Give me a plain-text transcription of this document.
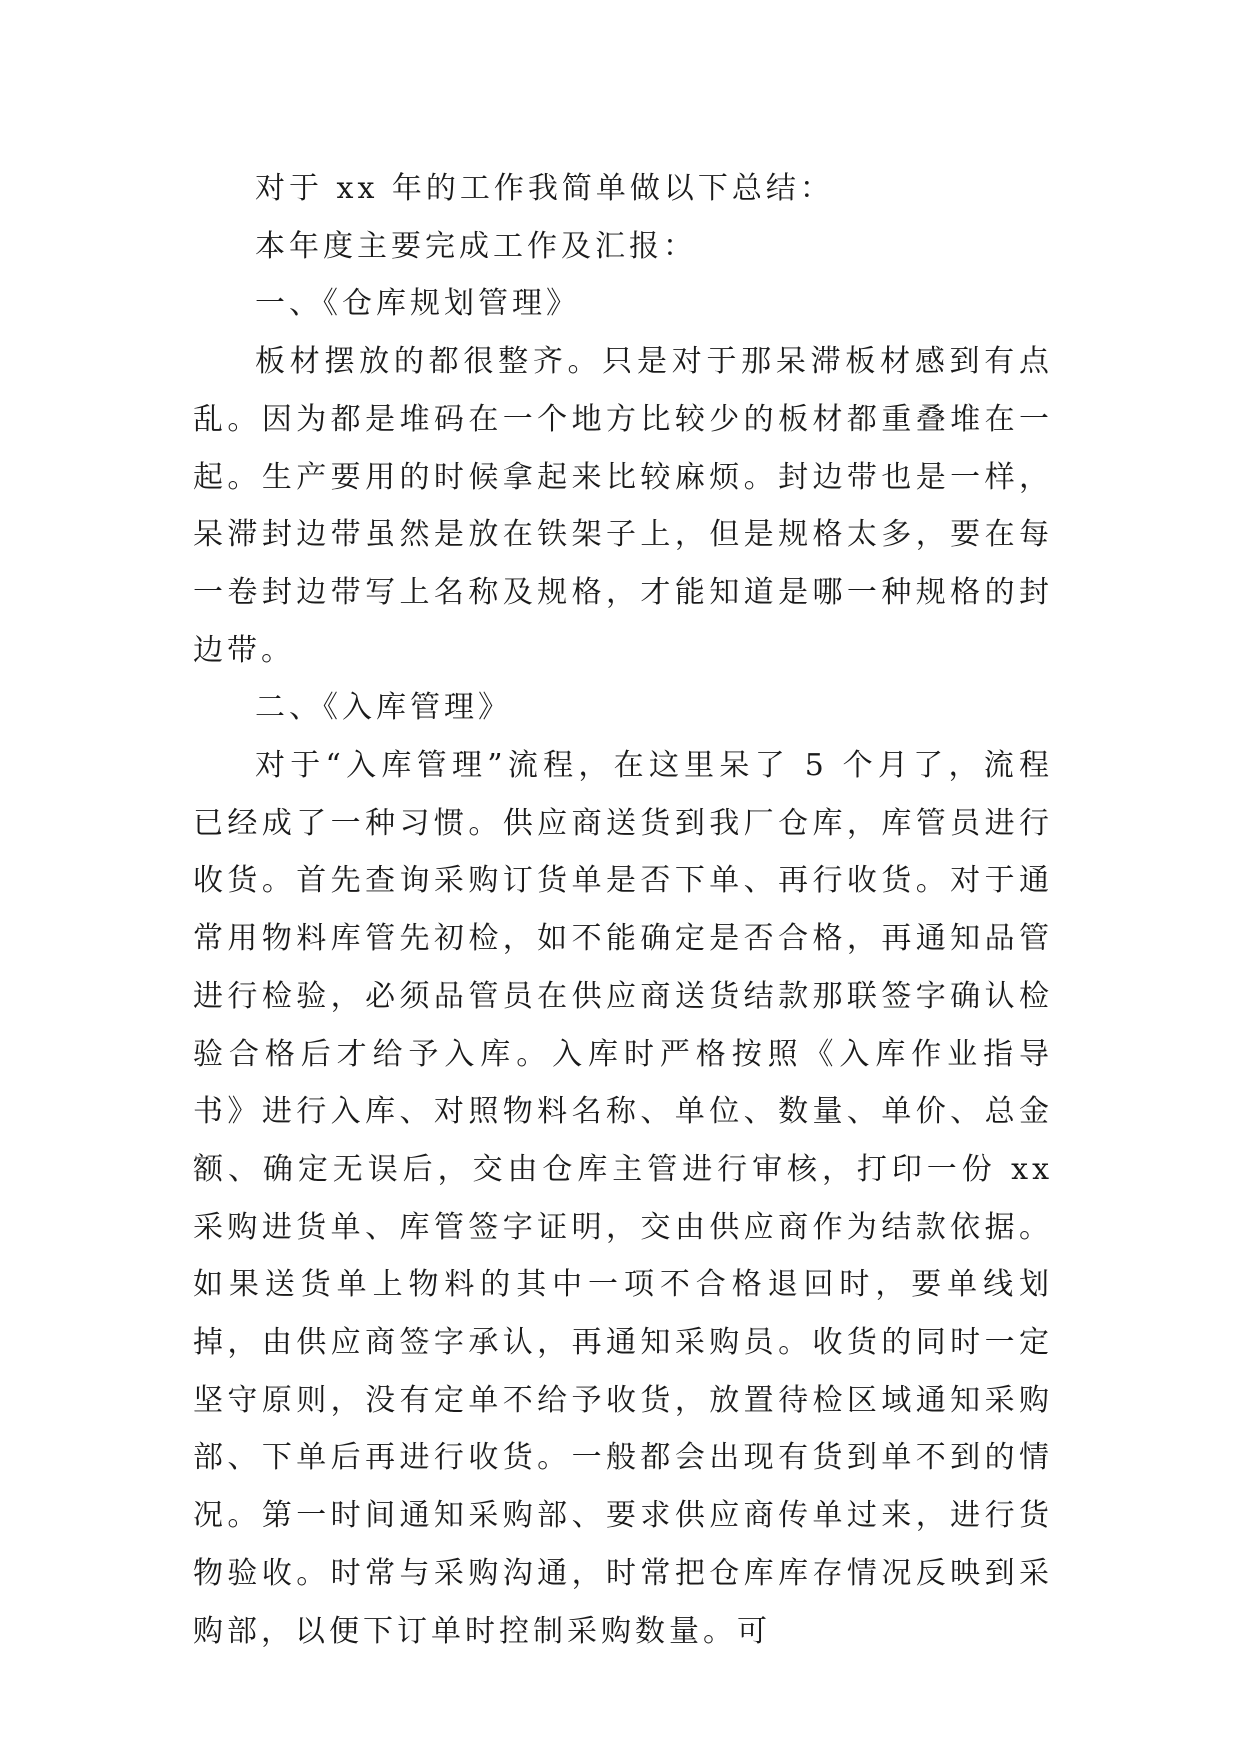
对于 xx 年的工作我简单做以下总结：

本年度主要完成工作及汇报：

一、《仓库规划管理》

板材摆放的都很整齐。只是对于那呆滞板材感到有点乱。因为都是堆码在一个地方比较少的板材都重叠堆在一起。生产要用的时候拿起来比较麻烦。封边带也是一样，呆滞封边带虽然是放在铁架子上，但是规格太多，要在每一卷封边带写上名称及规格，才能知道是哪一种规格的封边带。

二、《入库管理》

对于“入库管理”流程，在这里呆了 5 个月了，流程已经成了一种习惯。供应商送货到我厂仓库，库管员进行收货。首先查询采购订货单是否下单、再行收货。对于通常用物料库管先初检，如不能确定是否合格，再通知品管进行检验，必须品管员在供应商送货结款那联签字确认检验合格后才给予入库。入库时严格按照《入库作业指导书》进行入库、对照物料名称、单位、数量、单价、总金额、确定无误后，交由仓库主管进行审核，打印一份 xx 采购进货单、库管签字证明，交由供应商作为结款依据。如果送货单上物料的其中一项不合格退回时，要单线划掉，由供应商签字承认，再通知采购员。收货的同时一定坚守原则，没有定单不给予收货，放置待检区域通知采购部、下单后再进行收货。一般都会出现有货到单不到的情况。第一时间通知采购部、要求供应商传单过来，进行货物验收。时常与采购沟通，时常把仓库库存情况反映到采购部，以便下订单时控制采购数量。可
